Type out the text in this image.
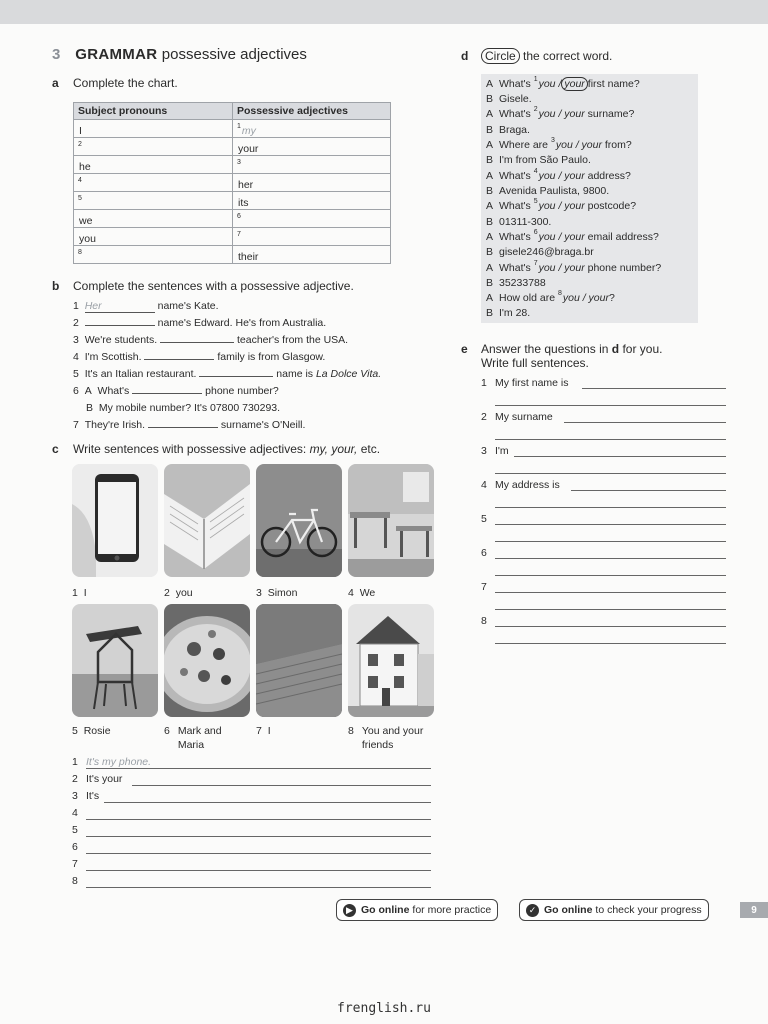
3 GRAMMAR possessive adjectives
a Complete the chart.
Subject pronouns	Possessive adjectives
I	$^1$my
$^2$	your
he	$^3$
$^4$	her
$^5$	its
we	$^6$
you	$^7$
$^8$	their
b Complete the sentences with a possessive adjective.
1 Her	name's Kate.
2	name's Edward. He's from Australia.
3 We're students.	teacher's from the USA.
4 I'm Scottish.	family is from Glasgow.
5 It's an Italian restaurant.	name is La Dolce Vita.
6 A What's	phone number?
B My mobile number? It's 07800 730293.
7 They're Irish.	surname's O'Neill.
c Write sentences with possessive adjectives: my, your, etc.
1 I	2 you	3 Simon	4 We
5 Rosie	6 Mark and Maria
7 I	8 You and your friends
1 It's my phone.
2 It's your
3 It's
4
5
6
7
8
d	Circle the correct word.
A What's $^1$you / your first name?
B Gisele.
A What's $^2$you / your surname?
B Braga.
A Where are $^3$you / your from?
B I'm from São Paulo.
A What's $^4$you / your address?
B Avenida Paulista, 9800.
A What's $^5$you / your postcode?
B 01311-300.
A What's $^6$you / your email address?
B gisele246@braga.br
A What's $^7$you / your phone number?
B 35233788
A How old are $^8$you / your?
B I'm 28.
e Answer the questions in d for you.
Write full sentences.
1 My first name is
2 My surname
3 I'm
4 My address is
5
6
7
8
▶ Go online for more practice	✓ Go online to check your progress	9
frenglish.ru
